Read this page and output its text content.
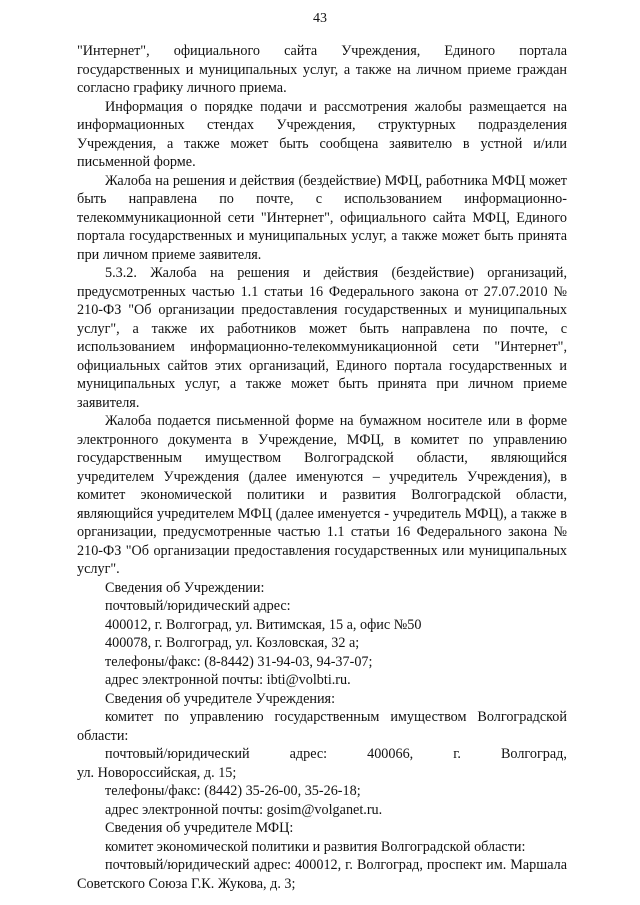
43

"Интернет", официального сайта Учреждения, Единого портала государственных и муниципальных услуг, а также на личном приеме граждан согласно графику личного приема.

Информация о порядке подачи и рассмотрения жалобы размещается на информационных стендах Учреждения, структурных подразделения Учреждения, а также может быть сообщена заявителю в устной и/или письменной форме.

Жалоба на решения и действия (бездействие) МФЦ, работника МФЦ может быть направлена по почте, с использованием информационно-телекоммуникационной сети "Интернет", официального сайта МФЦ, Единого портала государственных и муниципальных услуг, а также может быть принята при личном приеме заявителя.

5.3.2. Жалоба на решения и действия (бездействие) организаций, предусмотренных частью 1.1 статьи 16 Федерального закона от 27.07.2010 № 210-ФЗ "Об организации предоставления государственных и муниципальных услуг", а также их работников может быть направлена по почте, с использованием информационно-телекоммуникационной сети "Интернет", официальных сайтов этих организаций, Единого портала государственных и муниципальных услуг, а также может быть принята при личном приеме заявителя.

Жалоба подается письменной форме на бумажном носителе или в форме электронного документа в Учреждение, МФЦ, в комитет по управлению государственным имуществом Волгоградской области, являющийся учредителем Учреждения (далее именуются – учредитель Учреждения), в комитет экономической политики и развития Волгоградской области, являющийся учредителем МФЦ (далее именуется - учредитель МФЦ), а также в организации, предусмотренные частью 1.1 статьи 16 Федерального закона № 210-ФЗ "Об организации предоставления государственных или муниципальных услуг".

Сведения об Учреждении:

почтовый/юридический адрес:

400012, г. Волгоград, ул. Витимская, 15 а, офис №50

400078, г. Волгоград, ул. Козловская, 32 а;

телефоны/факс: (8-8442) 31-94-03, 94-37-07;

адрес электронной почты: ibti@volbti.ru.

Сведения об учредителе Учреждения:

комитет по управлению государственным имуществом Волгоградской области:

почтовый/юридический	адрес:	400066,	г.	Волгоград,

ул. Новороссийская, д. 15;

телефоны/факс: (8442) 35-26-00, 35-26-18;

адрес электронной почты: gosim@volganet.ru.

Сведения об учредителе МФЦ:

комитет экономической политики и развития Волгоградской области:

почтовый/юридический адрес: 400012, г. Волгоград, проспект им. Маршала Советского Союза Г.К. Жукова, д. 3;
